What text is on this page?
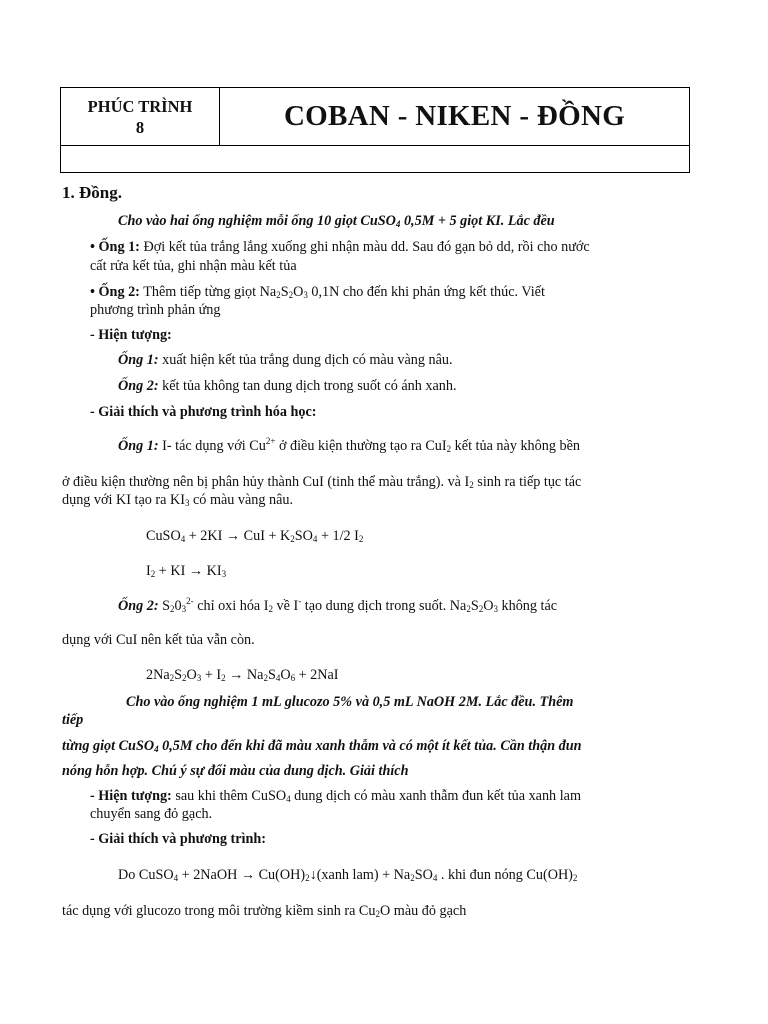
PHÚC TRÌNH
8	COBAN - NIKEN - ĐỒNG
1. Đồng.
Cho vào hai ống nghiệm mỗi ống 10 giọt CuSO$_4$ 0,5M + 5 giọt KI. Lắc đều
• Ống 1: Đợi kết tủa trắng lắng xuống ghi nhận màu dd. Sau đó gạn bỏ dd, rồi cho nước
cất rửa kết tủa, ghi nhận màu kết tủa
• Ống 2: Thêm tiếp từng giọt $Na_2S_2O_3$ 0,1N cho đến khi phản ứng kết thúc. Viết
phương trình phản ứng
- Hiện tượng:
Ống 1: xuất hiện kết tủa trắng dung dịch có màu vàng nâu.
Ống 2: kết tủa không tan dung dịch trong suốt có ánh xanh.
- Giải thích và phương trình hóa học:
Ống 1: I- tác dụng với $Cu^{2+}$ ở điều kiện thường tạo ra CuI$_2$ kết tủa này không bền
ở điều kiện thường nên bị phân hủy thành CuI (tinh thể màu trắng). và $I_2$ sinh ra tiếp tục tác
dụng với KI tạo ra $KI_3$ có màu vàng nâu.
CuSO$_4$ + 2KI → CuI + $K_2SO_4 + 1/2$ $I_2$
$I_2$ + KI → $KI_3$
Ống 2: $S_20_3^{2-}$ chỉ oxi hóa $I_2$ về I- tạo dung dịch trong suốt. $Na_2S_2O_3$ không tác
dụng với CuI nên kết tủa vẫn còn.
$2Na_2S_2O_3 + I_2 \to Na_2S_4O_6 + 2NaI$
Cho vào ống nghiệm 1 mL glucozo 5% và 0,5 mL NaOH 2M. Lắc đều. Thêm
tiếp
từng giọt CuSO$_4$ 0,5M cho đến khi đã màu xanh thẫm và có một ít kết tủa. Cần thận đun
nóng hỗn hợp. Chú ý sự đổi màu của dung dịch. Giải thích
- Hiện tượng: sau khi thêm CuSO$_4$ dung dịch có màu xanh thẫm đun kết tủa xanh lam
chuyển sang đỏ gạch.
- Giải thích và phương trình:
Do CuSO$_4$ + 2NaOH → $Cu(OH)_2↓(xanh$ $lam) + Na_2SO_4$ . khi đun nóng $Cu(OH)_2$
tác dụng với glucozo trong môi trường kiềm sinh ra $Cu_2O$ màu đỏ gạch
